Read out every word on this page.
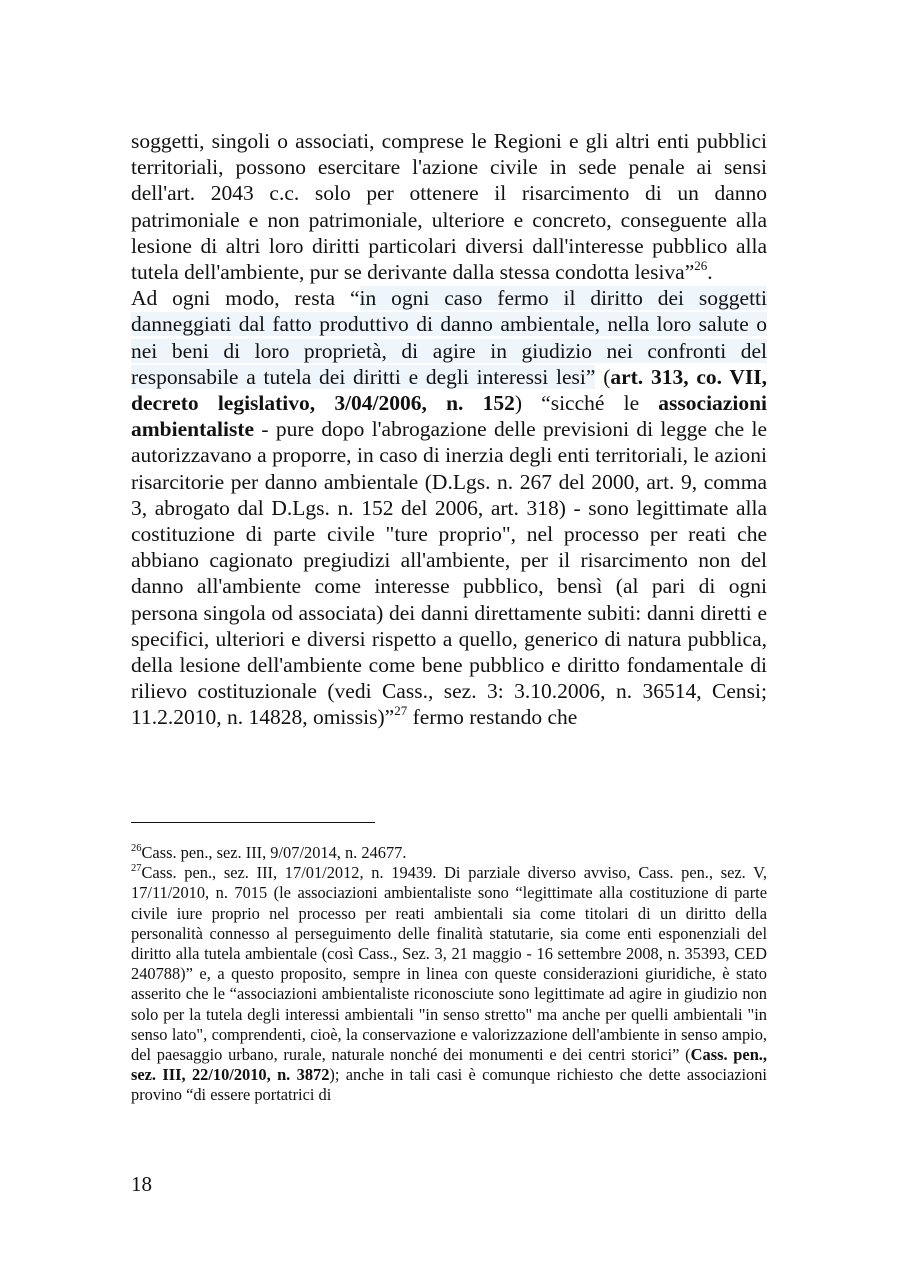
soggetti, singoli o associati, comprese le Regioni e gli altri enti pubblici territoriali, possono esercitare l'azione civile in sede penale ai sensi dell'art. 2043 c.c. solo per ottenere il risarcimento di un danno patrimoniale e non patrimoniale, ulteriore e concreto, conseguente alla lesione di altri loro diritti particolari diversi dall'interesse pubblico alla tutela dell'ambiente, pur se derivante dalla stessa condotta lesiva”$^{26}$.

Ad ogni modo, resta “in ogni caso fermo il diritto dei soggetti danneggiati dal fatto produttivo di danno ambientale, nella loro salute o nei beni di loro proprietà, di agire in giudizio nei confronti del responsabile a tutela dei diritti e degli interessi lesi” (art. 313, co. VII, decreto legislativo, 3/04/2006, n. 152) “sicché le associazioni ambientaliste - pure dopo l'abrogazione delle previsioni di legge che le autorizzavano a proporre, in caso di inerzia degli enti territoriali, le azioni risarcitorie per danno ambientale (D.Lgs. n. 267 del 2000, art. 9, comma 3, abrogato dal D.Lgs. n. 152 del 2006, art. 318) - sono legittimate alla costituzione di parte civile "ture proprio", nel processo per reati che abbiano cagionato pregiudizi all'ambiente, per il risarcimento non del danno all'ambiente come interesse pubblico, bensì (al pari di ogni persona singola od associata) dei danni direttamente subiti: danni diretti e specifici, ulteriori e diversi rispetto a quello, generico di natura pubblica, della lesione dell'ambiente come bene pubblico e diritto fondamentale di rilievo costituzionale (vedi Cass., sez. 3: 3.10.2006, n. 36514, Censi; 11.2.2010, n. 14828, omissis)”$^{27}$ fermo restando che

$^{26}$Cass. pen., sez. III, 9/07/2014, n. 24677.

$^{27}$Cass. pen., sez. III, 17/01/2012, n. 19439. Di parziale diverso avviso, Cass. pen., sez. V, 17/11/2010, n. 7015 (le associazioni ambientaliste sono “legittimate alla costituzione di parte civile iure proprio nel processo per reati ambientali sia come titolari di un diritto della personalità connesso al perseguimento delle finalità statutarie, sia come enti esponenziali del diritto alla tutela ambientale (così Cass., Sez. 3, 21 maggio - 16 settembre 2008, n. 35393, CED 240788)” e, a questo proposito, sempre in linea con queste considerazioni giuridiche, è stato asserito che le “associazioni ambientaliste riconosciute sono legittimate ad agire in giudizio non solo per la tutela degli interessi ambientali "in senso stretto" ma anche per quelli ambientali "in senso lato", comprendenti, cioè, la conservazione e valorizzazione dell'ambiente in senso ampio, del paesaggio urbano, rurale, naturale nonché dei monumenti e dei centri storici” (Cass. pen., sez. III, 22/10/2010, n. 3872); anche in tali casi è comunque richiesto che dette associazioni provino “di essere portatrici di

18
